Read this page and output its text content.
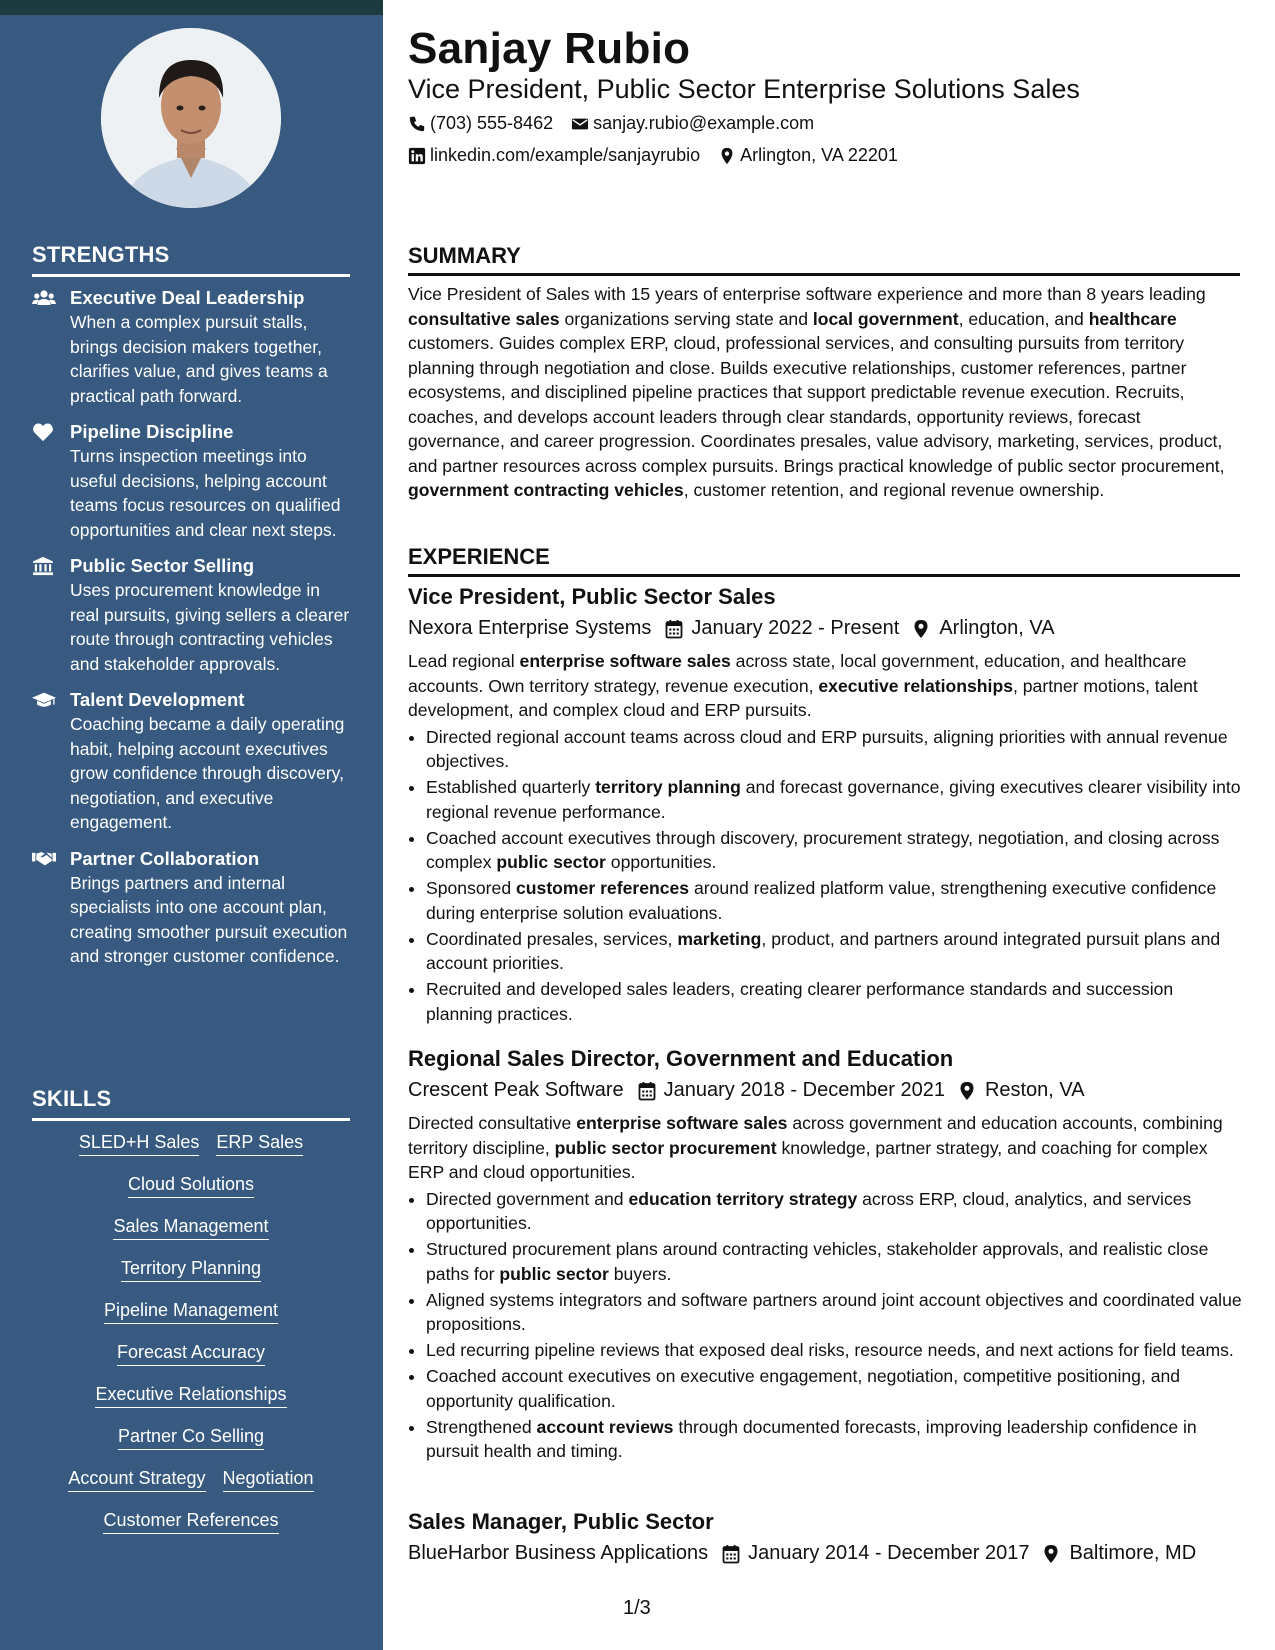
STRENGTHS
Executive Deal Leadership
When a complex pursuit stalls, brings decision makers together, clarifies value, and gives teams a practical path forward.
Pipeline Discipline
Turns inspection meetings into useful decisions, helping account teams focus resources on qualified opportunities and clear next steps.
Public Sector Selling
Uses procurement knowledge in real pursuits, giving sellers a clearer route through contracting vehicles and stakeholder approvals.
Talent Development
Coaching became a daily operating habit, helping account executives grow confidence through discovery, negotiation, and executive engagement.
Partner Collaboration
Brings partners and internal specialists into one account plan, creating smoother pursuit execution and stronger customer confidence.
SKILLS
SLED+H Sales ERP Sales
Cloud Solutions
Sales Management
Territory Planning
Pipeline Management
Forecast Accuracy
Executive Relationships
Partner Co Selling
Account Strategy Negotiation
Customer References
Sanjay Rubio
Vice President, Public Sector Enterprise Solutions Sales
(703) 555-8462 sanjay.rubio@example.com
linkedin.com/example/sanjayrubio Arlington, VA 22201
SUMMARY
Vice President of Sales with 15 years of enterprise software experience and more than 8 years leading consultative sales organizations serving state and local government, education, and healthcare customers. Guides complex ERP, cloud, professional services, and consulting pursuits from territory planning through negotiation and close. Builds executive relationships, customer references, partner ecosystems, and disciplined pipeline practices that support predictable revenue execution. Recruits, coaches, and develops account leaders through clear standards, opportunity reviews, forecast governance, and career progression. Coordinates presales, value advisory, marketing, services, product, and partner resources across complex pursuits. Brings practical knowledge of public sector procurement, government contracting vehicles, customer retention, and regional revenue ownership.
EXPERIENCE
Vice President, Public Sector Sales
Nexora Enterprise Systems January 2022 - Present Arlington, VA
Lead regional enterprise software sales across state, local government, education, and healthcare accounts. Own territory strategy, revenue execution, executive relationships, partner motions, talent development, and complex cloud and ERP pursuits.
• Directed regional account teams across cloud and ERP pursuits, aligning priorities with annual revenue objectives.
• Established quarterly territory planning and forecast governance, giving executives clearer visibility into regional revenue performance.
• Coached account executives through discovery, procurement strategy, negotiation, and closing across complex public sector opportunities.
• Sponsored customer references around realized platform value, strengthening executive confidence during enterprise solution evaluations.
• Coordinated presales, services, marketing, product, and partners around integrated pursuit plans and account priorities.
• Recruited and developed sales leaders, creating clearer performance standards and succession planning practices.
Regional Sales Director, Government and Education
Crescent Peak Software January 2018 - December 2021 Reston, VA
Directed consultative enterprise software sales across government and education accounts, combining territory discipline, public sector procurement knowledge, partner strategy, and coaching for complex ERP and cloud opportunities.
• Directed government and education territory strategy across ERP, cloud, analytics, and services opportunities.
• Structured procurement plans around contracting vehicles, stakeholder approvals, and realistic close paths for public sector buyers.
• Aligned systems integrators and software partners around joint account objectives and coordinated value propositions.
• Led recurring pipeline reviews that exposed deal risks, resource needs, and next actions for field teams.
• Coached account executives on executive engagement, negotiation, competitive positioning, and opportunity qualification.
• Strengthened account reviews through documented forecasts, improving leadership confidence in pursuit health and timing.
Sales Manager, Public Sector
BlueHarbor Business Applications January 2014 - December 2017 Baltimore, MD
1/3
